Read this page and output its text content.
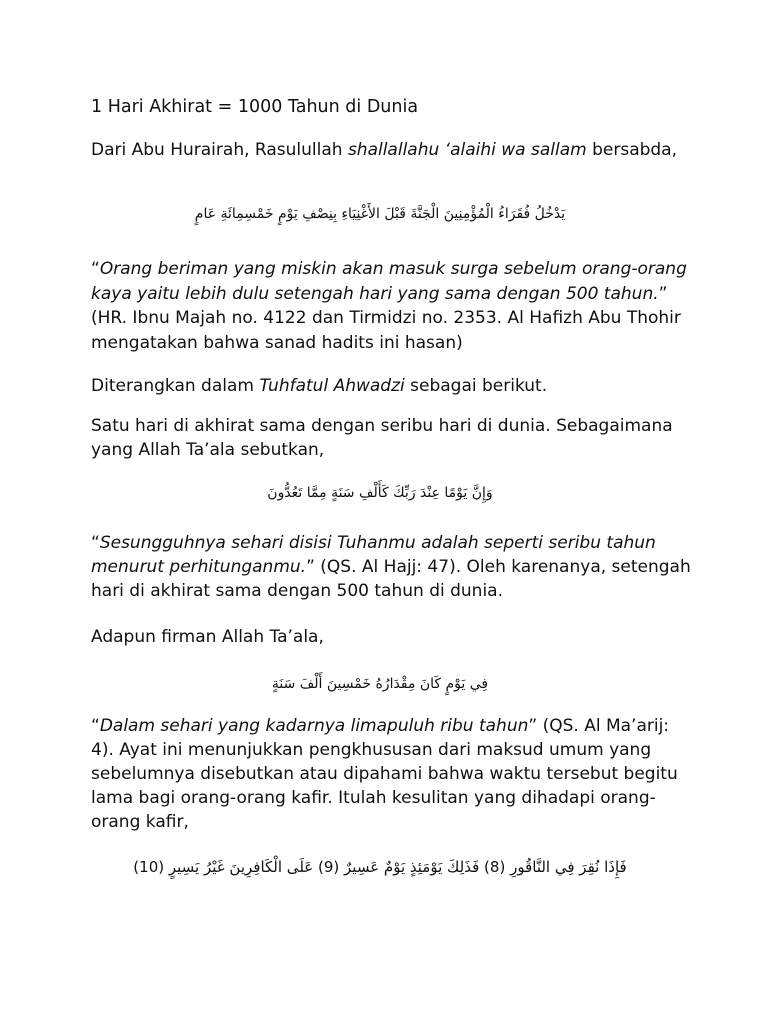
1 Hari Akhirat = 1000 Tahun di Dunia

Dari Abu Hurairah, Rasulullah shallallahu ‘alaihi wa sallam bersabda,

يَدْخُلُ فُقَرَاءُ الْمُؤْمِنِينَ الْجَنَّةَ قَبْلَ الأَغْنِيَاءِ بِنِصْفِ يَوْمٍ خَمْسِمِائَةِ عَامٍ

“Orang beriman yang miskin akan masuk surga sebelum orang-orang kaya yaitu lebih dulu setengah hari yang sama dengan 500 tahun.” (HR. Ibnu Majah no. 4122 dan Tirmidzi no. 2353. Al Hafizh Abu Thohir mengatakan bahwa sanad hadits ini hasan)

Diterangkan dalam Tuhfatul Ahwadzi sebagai berikut.

Satu hari di akhirat sama dengan seribu hari di dunia. Sebagaimana yang Allah Ta’ala sebutkan,

وَإِنَّ يَوْمًا عِنْدَ رَبِّكَ كَأَلْفِ سَنَةٍ مِمَّا تَعُدُّونَ

“Sesungguhnya sehari disisi Tuhanmu adalah seperti seribu tahun menurut perhitunganmu.” (QS. Al Hajj: 47). Oleh karenanya, setengah hari di akhirat sama dengan 500 tahun di dunia.

Adapun firman Allah Ta’ala,

فِي يَوْمٍ كَانَ مِقْدَارُهُ خَمْسِينَ أَلْفَ سَنَةٍ

“Dalam sehari yang kadarnya limapuluh ribu tahun” (QS. Al Ma’arij: 4). Ayat ini menunjukkan pengkhususan dari maksud umum yang sebelumnya disebutkan atau dipahami bahwa waktu tersebut begitu lama bagi orang-orang kafir. Itulah kesulitan yang dihadapi orang-orang kafir,

فَإِذَا نُقِرَ فِي النَّاقُورِ (8) فَذَلِكَ يَوْمَئِذٍ يَوْمٌ عَسِيرٌ (9) عَلَى الْكَافِرِينَ غَيْرُ يَسِيرٍ (10)
